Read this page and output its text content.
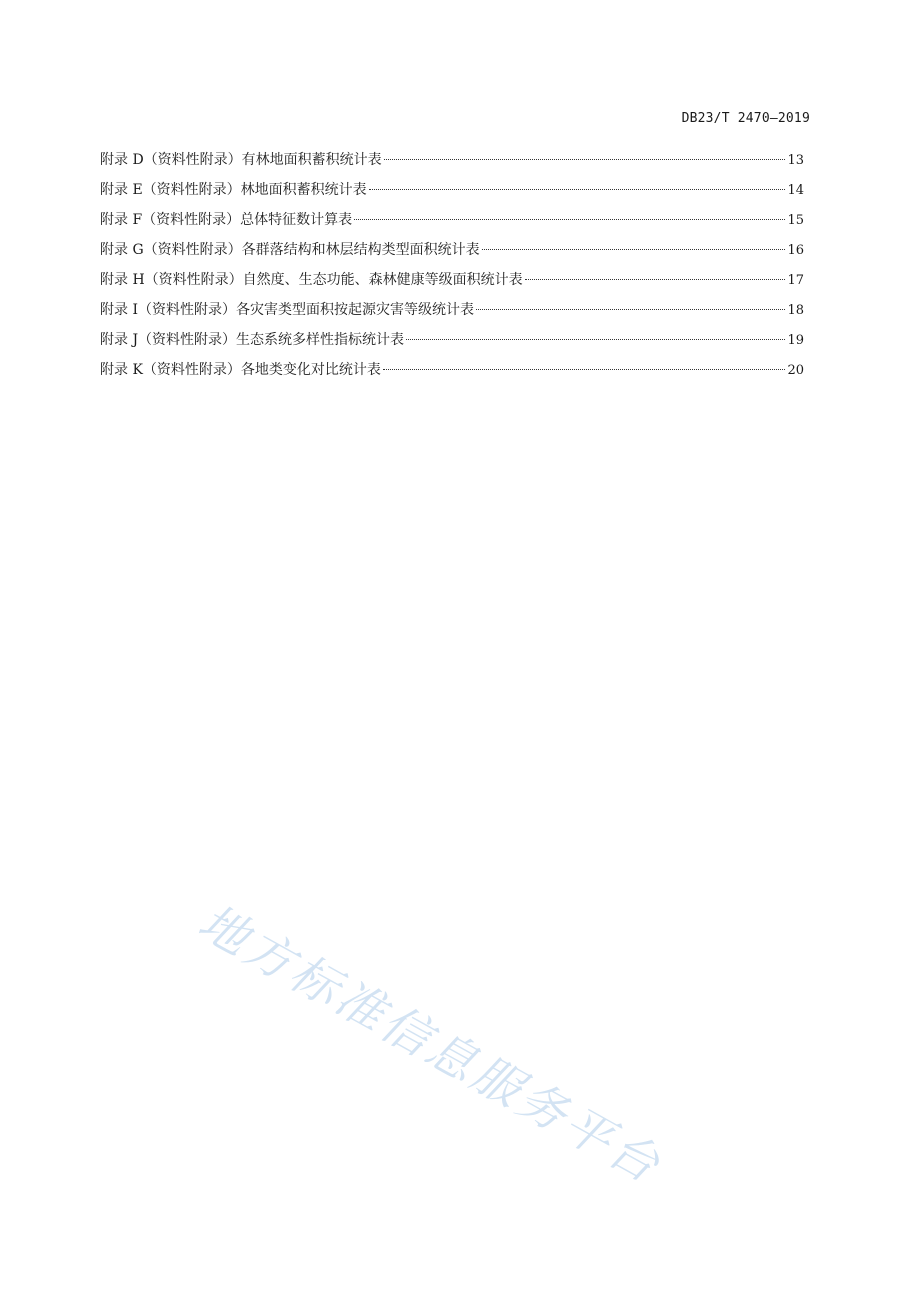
DB23/T 2470—2019
附录 D（资料性附录）有林地面积蓄积统计表	13
附录 E（资料性附录）林地面积蓄积统计表	14
附录 F（资料性附录）总体特征数计算表	15
附录 G（资料性附录）各群落结构和林层结构类型面积统计表	16
附录 H（资料性附录）自然度、生态功能、森林健康等级面积统计表	17
附录 I（资料性附录）各灾害类型面积按起源灾害等级统计表	18
附录 J（资料性附录）生态系统多样性指标统计表	19
附录 K（资料性附录）各地类变化对比统计表	20
地方标准信息服务平台
